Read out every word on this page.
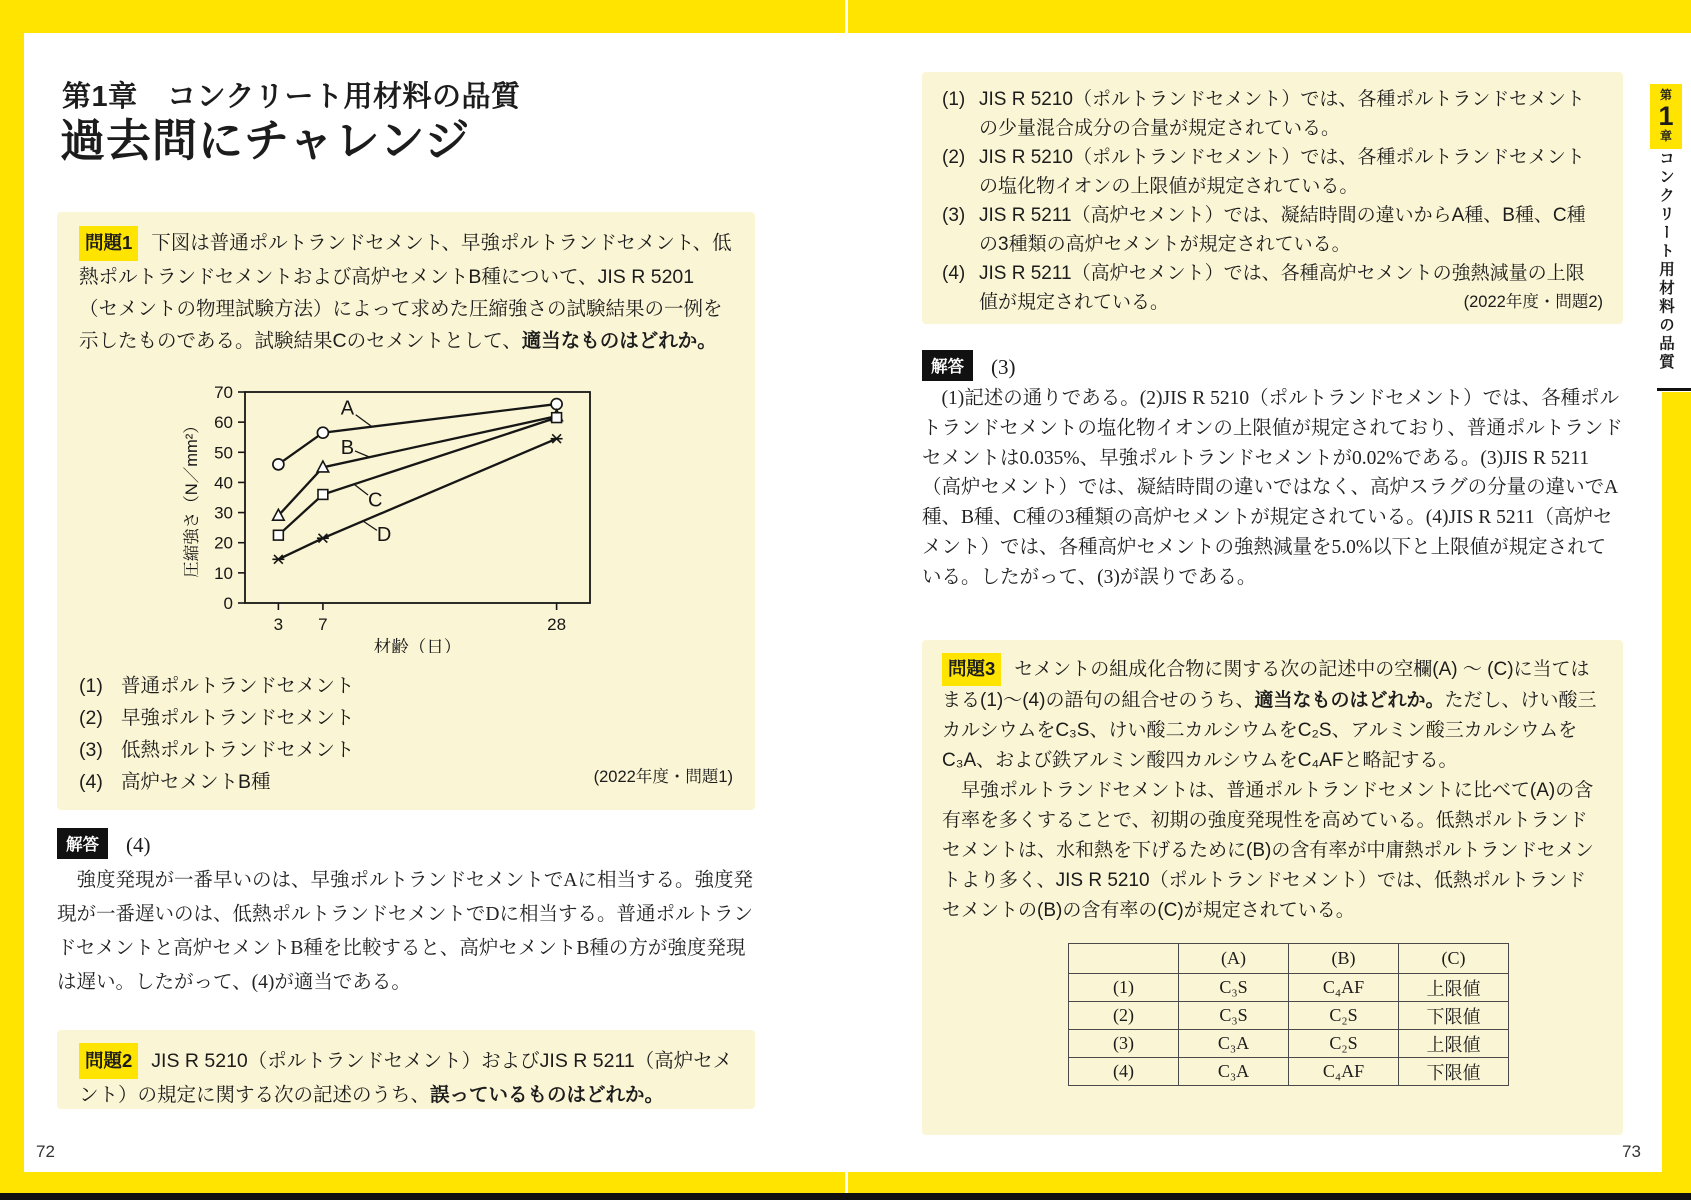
第
1
章
コンクリート用材料の品質
第1章　コンクリート用材料の品質
過去問にチャレンジ

問題1 下図は普通ポルトランドセメント、早強ポルトランドセメント、低熱ポルトランドセメントおよび高炉セメントB種について、JIS R 5201（セメントの物理試験方法）によって求めた圧縮強さの試験結果の一例を示したものである。試験結果Cのセメントとして、適当なものはどれか。

0
10
20
30
40
50
60
70
3 7	28
圧縮強さ（N／mm²）
材齢（日）
A
B
C
D
(1) 普通ポルトランドセメント
(2) 早強ポルトランドセメント
(3) 低熱ポルトランドセメント
(4) 高炉セメントB種	(2022年度・問題1)
解答 (4)

強度発現が一番早いのは、早強ポルトランドセメントでAに相当する。強度発現が一番遅いのは、低熱ポルトランドセメントでDに相当する。普通ポルトランドセメントと高炉セメントB種を比較すると、高炉セメントB種の方が強度発現は遅い。したがって、(4)が適当である。

問題2 JIS R 5210（ポルトランドセメント）およびJIS R 5211（高炉セメント）の規定に関する次の記述のうち、誤っているものはどれか。

72
(1) JIS R 5210（ポルトランドセメント）では、各種ポルトランドセメントの少量混合成分の合量が規定されている。
(2) JIS R 5210（ポルトランドセメント）では、各種ポルトランドセメントの塩化物イオンの上限値が規定されている。
(3) JIS R 5211（高炉セメント）では、凝結時間の違いからA種、B種、C種の3種類の高炉セメントが規定されている。
(4) JIS R 5211（高炉セメント）では、各種高炉セメントの強熱減量の上限値が規定されている。	(2022年度・問題2)
解答 (3)

(1)記述の通りである。(2)JIS R 5210（ポルトランドセメント）では、各種ポルトランドセメントの塩化物イオンの上限値が規定されており、普通ポルトランドセメントは0.035%、早強ポルトランドセメントが0.02%である。(3)JIS R 5211（高炉セメント）では、凝結時間の違いではなく、高炉スラグの分量の違いでA種、B種、C種の3種類の高炉セメントが規定されている。(4)JIS R 5211（高炉セメント）では、各種高炉セメントの強熱減量を5.0%以下と上限値が規定されている。したがって、(3)が誤りである。

問題3 セメントの組成化合物に関する次の記述中の空欄(A) ～ (C)に当てはまる(1)～(4)の語句の組合せのうち、適当なものはどれか。ただし、けい酸三カルシウムをC₃S、けい酸二カルシウムをC₂S、アルミン酸三カルシウムをC₃A、および鉄アルミン酸四カルシウムをC₄AFと略記する。

早強ポルトランドセメントは、普通ポルトランドセメントに比べて(A)の含有率を多くすることで、初期の強度発現性を高めている。低熱ポルトランドセメントは、水和熱を下げるために(B)の含有率が中庸熱ポルトランドセメントより多く、JIS R 5210（ポルトランドセメント）では、低熱ポルトランドセメントの(B)の含有率の(C)が規定されている。

	(A)	(B)	(C)
(1)	C₃S	C₄AF	上限値
(2)	C₃S	C₂S	下限値
(3)	C₃A	C₂S	上限値
(4)	C₃A	C₄AF	下限値
73
